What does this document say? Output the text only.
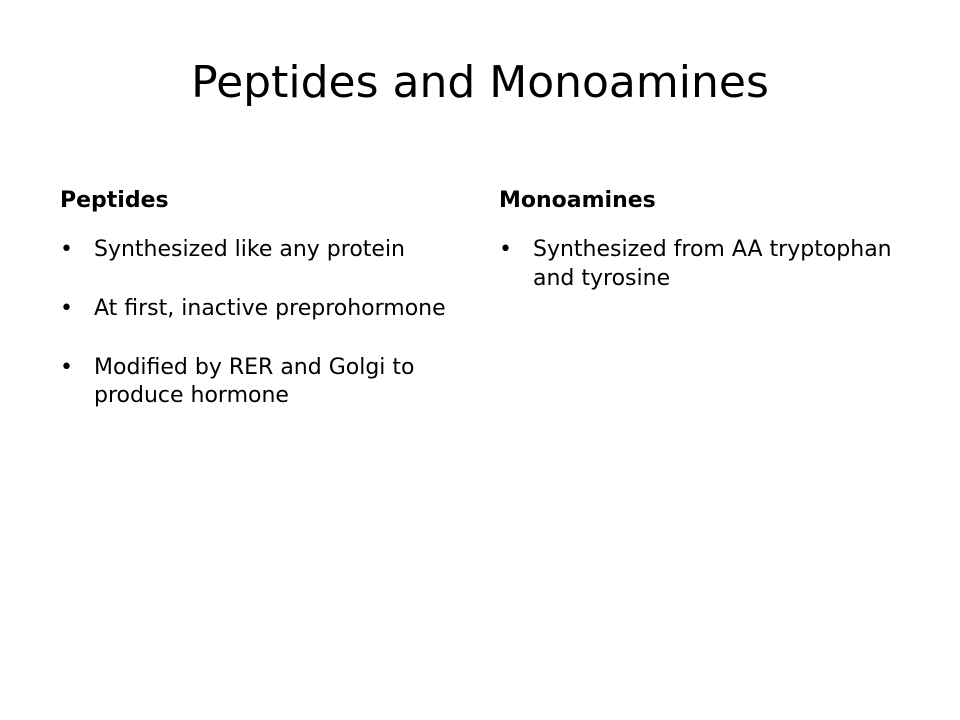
Peptides and Monoamines
Peptides
• Synthesized like any protein
• At first, inactive preprohormone
• Modified by RER and Golgi to produce hormone
Monoamines
• Synthesized from AA tryptophan and tyrosine
